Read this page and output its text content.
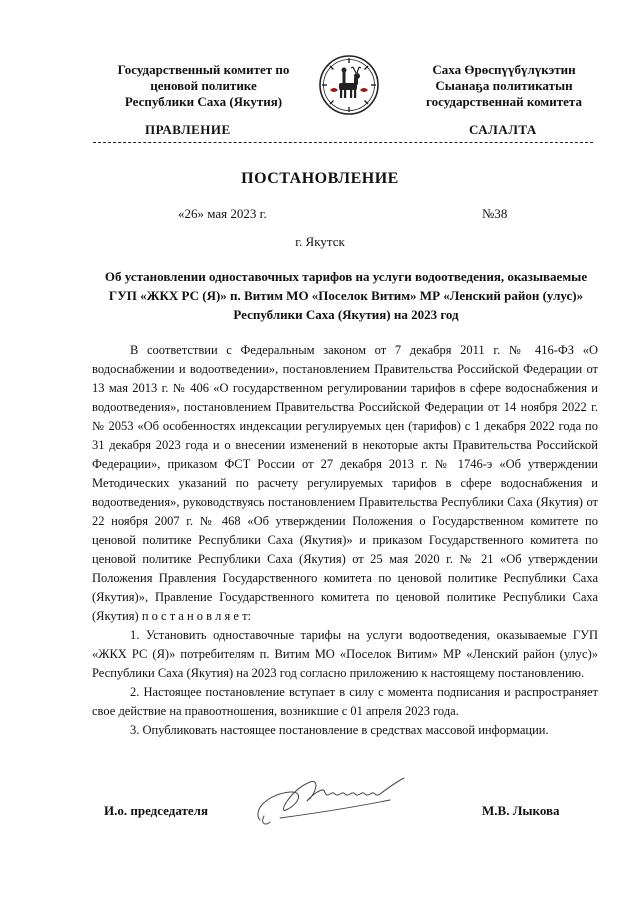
Государственный комитет по
ценовой политике
Республики Саха (Якутия)
Саха Өрөспүүбүлүкэтин
Сыанаҕа политикатын
государственнай комитета
ПРАВЛЕНИЕ	САЛАЛТА
ПОСТАНОВЛЕНИЕ
«26» мая 2023 г.	№38
г. Якутск
Об установлении одноставочных тарифов на услуги водоотведения, оказываемые
ГУП «ЖКХ РС (Я)» п. Витим МО «Поселок Витим» МР «Ленский район (улус)»
Республики Саха (Якутия) на 2023 год

В соответствии с Федеральным законом от 7 декабря 2011 г. № 416-ФЗ «О водоснабжении и водоотведении», постановлением Правительства Российской Федерации от 13 мая 2013 г. № 406 «О государственном регулировании тарифов в сфере водоснабжения и водоотведения», постановлением Правительства Российской Федерации от 14 ноября 2022 г. № 2053 «Об особенностях индексации регулируемых цен (тарифов) с 1 декабря 2022 года по 31 декабря 2023 года и о внесении изменений в некоторые акты Правительства Российской Федерации», приказом ФСТ России от 27 декабря 2013 г. № 1746-э «Об утверждении Методических указаний по расчету регулируемых тарифов в сфере водоснабжения и водоотведения», руководствуясь постановлением Правительства Республики Саха (Якутия) от 22 ноября 2007 г. № 468 «Об утверждении Положения о Государственном комитете по ценовой политике Республики Саха (Якутия)» и приказом Государственного комитета по ценовой политике Республики Саха (Якутия) от 25 мая 2020 г. № 21 «Об утверждении Положения Правления Государственного комитета по ценовой политике Республики Саха (Якутия)», Правление Государственного комитета по ценовой политике Республики Саха (Якутия) п о с т а н о в л я е т:

1. Установить одноставочные тарифы на услуги водоотведения, оказываемые ГУП «ЖКХ РС (Я)» потребителям п. Витим МО «Поселок Витим» МР «Ленский район (улус)» Республики Саха (Якутия) на 2023 год согласно приложению к настоящему постановлению.

2. Настоящее постановление вступает в силу с момента подписания и распространяет свое действие на правоотношения, возникшие с 01 апреля 2023 года.

3. Опубликовать настоящее постановление в средствах массовой информации.

И.о. председателя	М.В. Лыкова
